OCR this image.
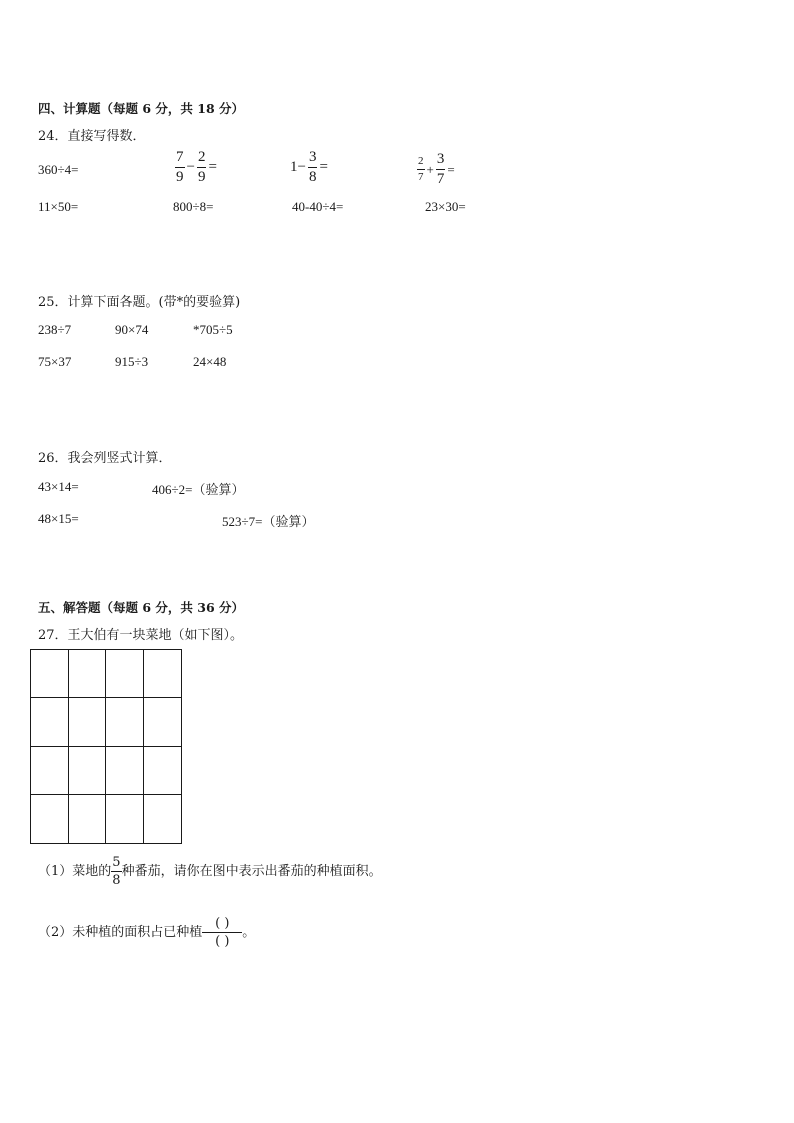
四、计算题（每题 6 分，共 18 分）
24．直接写得数．
360÷4=	$\frac{7}{9} - \frac{2}{9}$ =	$1- \frac{3}{8}$ =	$\frac{2}{7} + \frac{3}{7}$ =
11×50=	800÷8=	40-40÷4=	23×30=
25．计算下面各题。(带*的要验算)
238÷7	90×74	*705÷5
75×37	915÷3	24×48
26．我会列竖式计算．
43×14=	406÷2=（验算）
48×15=	523÷7=（验算）
五、解答题（每题 6 分，共 36 分）
27．王大伯有一块菜地（如下图）。
（1）菜地的 $\frac{5}{8}$ 种番茄，请你在图中表示出番茄的种植面积。
（2）未种植的面积占已种植 $\frac{( )}{( )}$ 。
